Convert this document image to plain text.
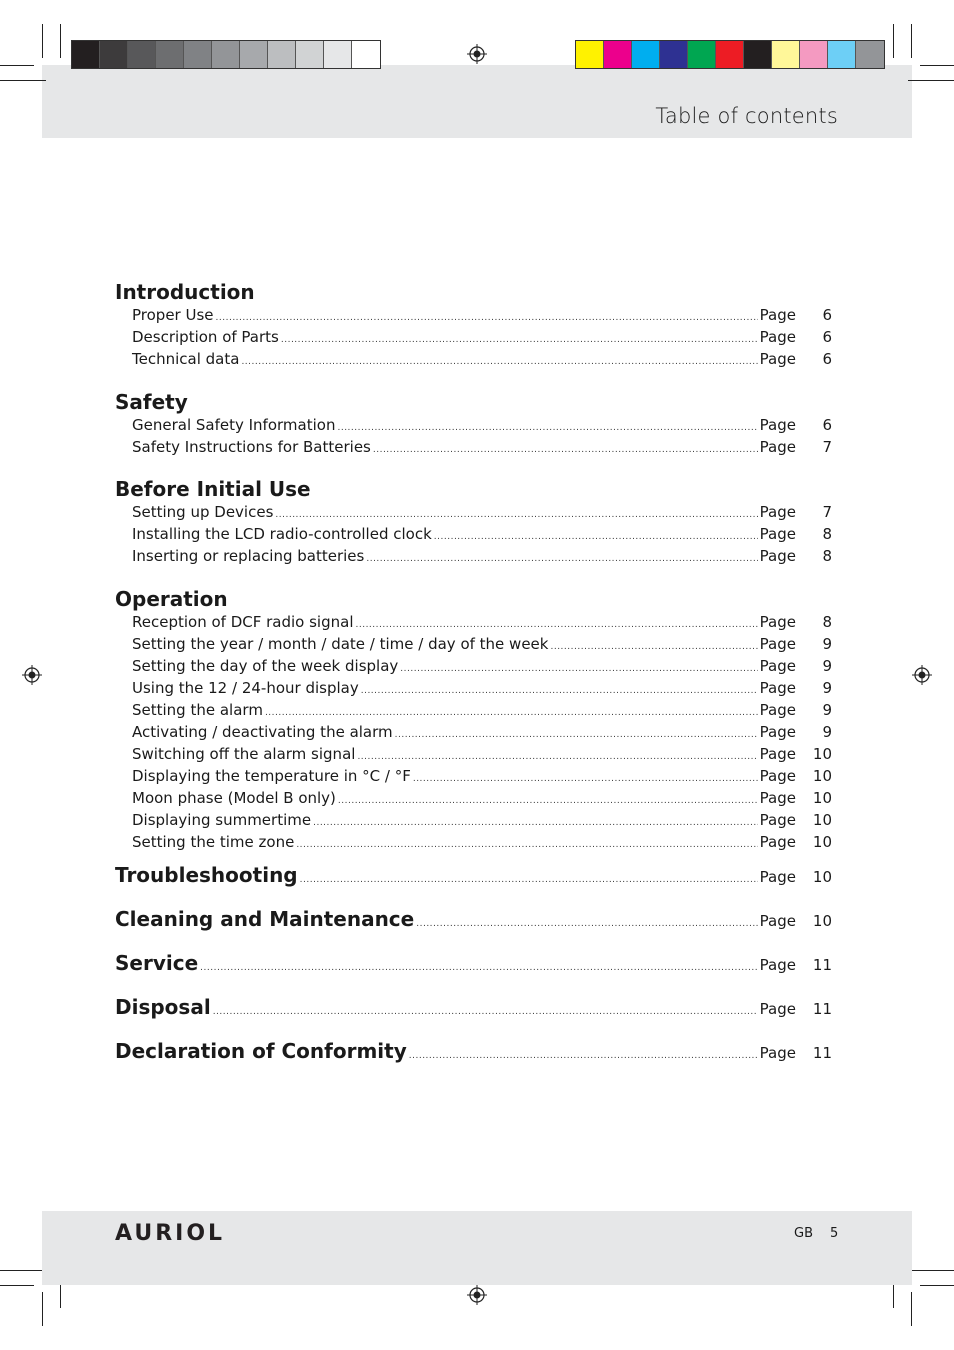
Table of contents
Introduction
Proper Use .....	Page	6
Description of Parts .....	Page	6
Technical data .....	Page	6
Safety
General Safety Information .....	Page	6
Safety Instructions for Batteries .....	Page	7
Before Initial Use
Setting up Devices .....	Page	7
Installing the LCD radio-controlled clock .....	Page	8
Inserting or replacing batteries .....	Page	8
Operation
Reception of DCF radio signal .....	Page	8
Setting the year / month / date / time / day of the week .....	Page	9
Setting the day of the week display .....	Page	9
Using the 12 / 24-hour display .....	Page	9
Setting the alarm .....	Page	9
Activating / deactivating the alarm .....	Page	9
Switching off the alarm signal .....	Page	10
Displaying the temperature in °C / °F .....	Page	10
Moon phase (Model B only) .....	Page	10
Displaying summertime .....	Page	10
Setting the time zone .....	Page	10
Troubleshooting .....	Page	10
Cleaning and Maintenance .....	Page	10
Service .....	Page	11
Disposal .....	Page	11
Declaration of Conformity .....	Page	11
AURIOL	GB 5
